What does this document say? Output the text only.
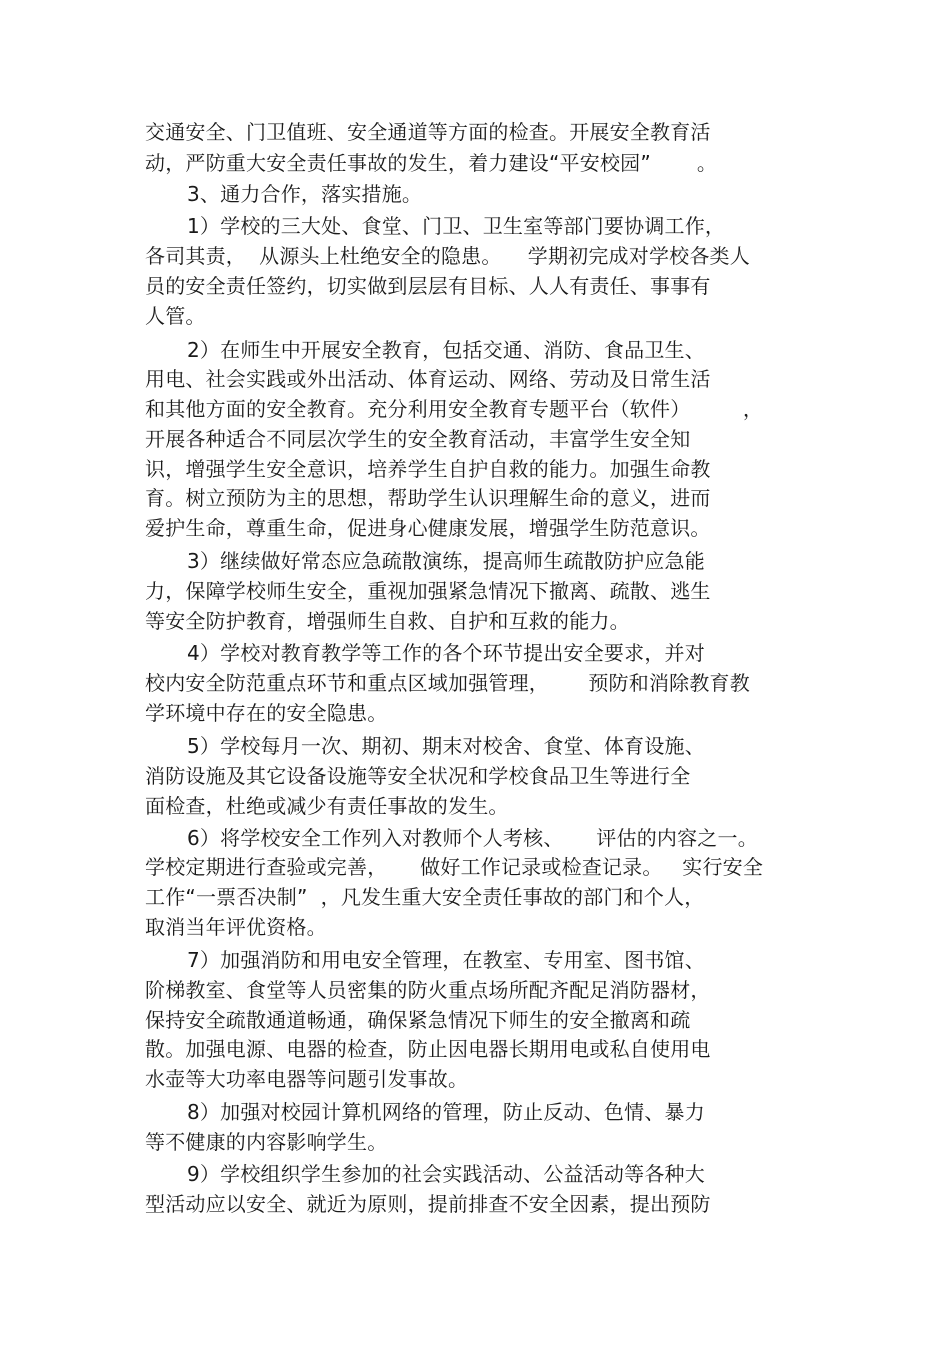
交通安全、门卫值班、安全通道等方面的检查。开展安全教育活
动，严防重大安全责任事故的发生，着力建设“平安校园”       。
3、通力合作，落实措施。
1）学校的三大处、食堂、门卫、卫生室等部门要协调工作，
各司其责，  从源头上杜绝安全的隐患。    学期初完成对学校各类人
员的安全责任签约，切实做到层层有目标、人人有责任、事事有
人管。
2）在师生中开展安全教育，包括交通、消防、食品卫生、
用电、社会实践或外出活动、体育运动、网络、劳动及日常生活
和其他方面的安全教育。充分利用安全教育专题平台（软件）        ，
开展各种适合不同层次学生的安全教育活动，丰富学生安全知
识，增强学生安全意识，培养学生自护自救的能力。加强生命教
育。树立预防为主的思想，帮助学生认识理解生命的意义，进而
爱护生命，尊重生命，促进身心健康发展，增强学生防范意识。
3）继续做好常态应急疏散演练，提高师生疏散防护应急能
力，保障学校师生安全，重视加强紧急情况下撤离、疏散、逃生
等安全防护教育，增强师生自救、自护和互救的能力。
4）学校对教育教学等工作的各个环节提出安全要求，并对
校内安全防范重点环节和重点区域加强管理，      预防和消除教育教
学环境中存在的安全隐患。
5）学校每月一次、期初、期末对校舍、食堂、体育设施、
消防设施及其它设备设施等安全状况和学校食品卫生等进行全
面检查，杜绝或减少有责任事故的发生。
6）将学校安全工作列入对教师个人考核、     评估的内容之一。
学校定期进行查验或完善，     做好工作记录或检查记录。   实行安全
工作“一票否决制”  ，凡发生重大安全责任事故的部门和个人，
取消当年评优资格。
7）加强消防和用电安全管理，在教室、专用室、图书馆、
阶梯教室、食堂等人员密集的防火重点场所配齐配足消防器材，
保持安全疏散通道畅通，确保紧急情况下师生的安全撤离和疏
散。加强电源、电器的检查，防止因电器长期用电或私自使用电
水壶等大功率电器等问题引发事故。
8）加强对校园计算机网络的管理，防止反动、色情、暴力
等不健康的内容影响学生。
9）学校组织学生参加的社会实践活动、公益活动等各种大
型活动应以安全、就近为原则，提前排查不安全因素，提出预防
